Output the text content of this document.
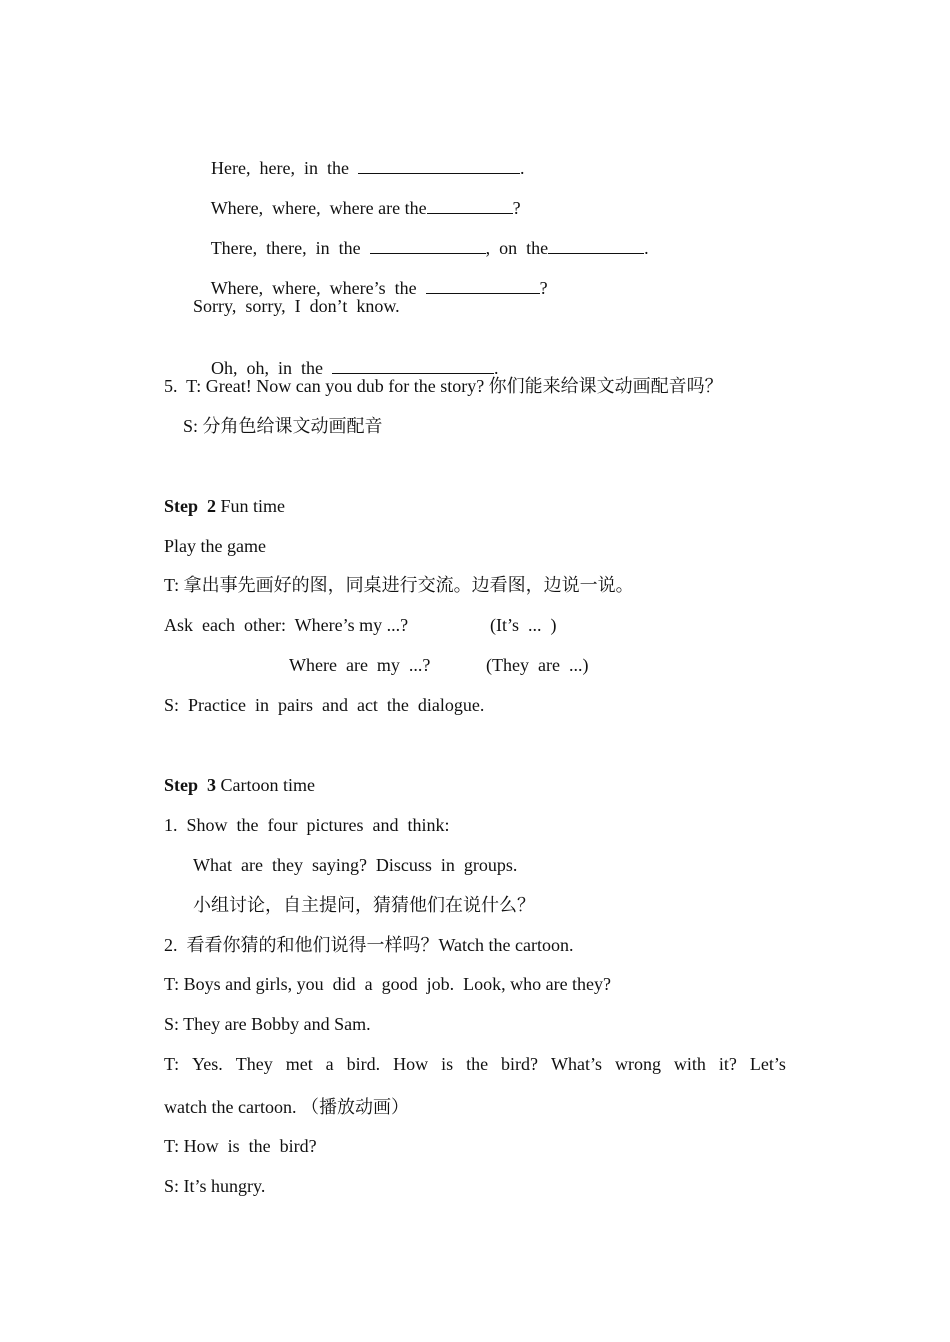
Here,  here,  in  the	.

Where,  where,  where are the	?

There,  there,  in  the	,  on  the	.

Where,  where,  where’s  the	?

Sorry,  sorry,  I  don’t  know.

Oh,  oh,  in  the	.

5.  T: Great! Now can you dub for the story? 你们能来给课文动画配音吗？
S: 分角色给课文动画配音
Step  2 Fun time
Play the game
T: 拿出事先画好的图，同桌进行交流。边看图，边说一说。
Ask  each  other:  Where’s my ...?	(It’s  ...  )
Where  are  my  ...?	(They  are  ...)
S:  Practice  in  pairs  and  act  the  dialogue.
Step  3 Cartoon time
1.  Show  the  four  pictures  and  think:
What  are  they  saying?  Discuss  in  groups.
小组讨论，自主提问，猜猜他们在说什么？
2.  看看你猜的和他们说得一样吗？Watch the cartoon.
T: Boys and girls, you  did  a  good  job.  Look, who are they?
S: They are Bobby and Sam.
T: Yes. They met a bird. How is the bird? What’s wrong with it? Let’s
watch the cartoon. （播放动画）
T: How  is  the  bird?
S: It’s hungry.
